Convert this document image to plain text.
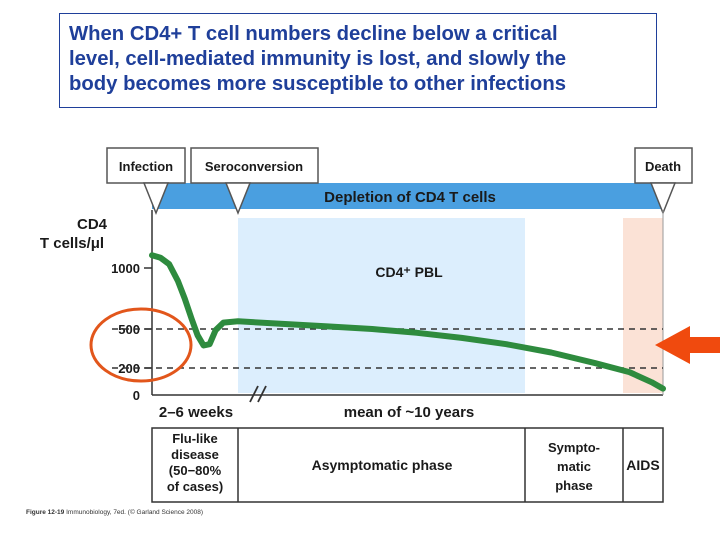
Depletion of CD4 T cells
Infection Seroconversion	Death
CD4
T cells/μl
1000
500
200
0
CD4⁺ PBL
2–6 weeks	mean of ~10 years
Flu-like disease (50−80% of cases)
Asymptomatic phase
Sympto-matic phase
AIDS
When CD4+ T cell numbers decline below a critical
level, cell-mediated immunity is lost, and slowly the
body becomes more susceptible to other infections
Figure 12-19 Immunobiology, 7ed. (© Garland Science 2008)
